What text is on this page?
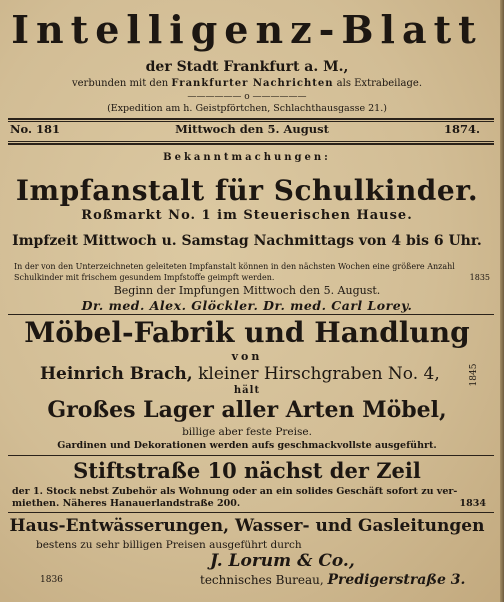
Intelligenz-Blatt
der Stadt Frankfurt a. M.,
verbunden mit den Frankfurter Nachrichten als Extrabeilage.
—————— o ——————
(Expedition am h. Geistpförtchen, Schlachthausgasse 21.)
No. 181	Mittwoch den 5. August	1874.
Bekanntmachungen:
Impfanstalt für Schulkinder.
Roßmarkt No. 1 im Steuerischen Hause.
Impfzeit Mittwoch u. Samstag Nachmittags von 4 bis 6 Uhr.
In der von den Unterzeichneten geleiteten Impfanstalt können in den nächsten Wochen eine größere Anzahl
Schulkinder mit frischem gesundem Impfstoffe geimpft werden.	1835
Beginn der Impfungen Mittwoch den 5. August.
Dr. med. Alex. Glöckler. Dr. med. Carl Lorey.
Möbel-Fabrik und Handlung
von
Heinrich Brach, kleiner Hirschgraben No. 4,	1845
hält
Großes Lager aller Arten Möbel,
billige aber feste Preise.
Gardinen und Dekorationen werden aufs geschmackvollste ausgeführt.
Stiftstraße 10 nächst der Zeil
der 1. Stock nebst Zubehör als Wohnung oder an ein solides Geschäft sofort zu ver-
miethen. Näheres Hanauerlandstraße 200.	1834
Haus-Entwässerungen, Wasser- und Gasleitungen
bestens zu sehr billigen Preisen ausgeführt durch
J. Lorum & Co.,
1836	technisches Bureau, Predigerstraße 3.
